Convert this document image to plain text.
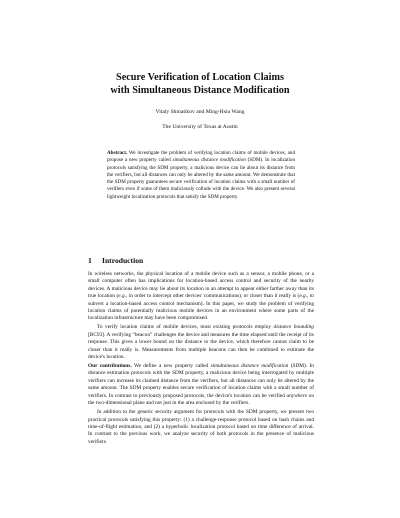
Secure Verification of Location Claims
with Simultaneous Distance Modification
Vitaly Shmatikov and Ming-Hsiu Wang
The University of Texas at Austin
Abstract. We investigate the problem of verifying location claims of mobile devices, and propose a new property called simultaneous distance modification (SDM). In localization protocols satisfying the SDM property, a malicious device can lie about its distance from the verifiers, but all distances can only be altered by the same amount. We demonstrate that the SDM property guarantees secure verification of location claims with a small number of verifiers even if some of them maliciously collude with the device. We also present several lightweight localization protocols that satisfy the SDM property.
1 Introduction

In wireless networks, the physical location of a mobile device such as a sensor, a mobile phone, or a small computer often has implications for location-based access control and security of the nearby devices. A malicious device may lie about its location in an attempt to appear either farther away than its true location (e.g., in order to intercept other devices' communications), or closer than it really is (e.g., to subvert a location-based access control mechanism). In this paper, we study the problem of verifying location claims of potentially malicious mobile devices in an environment where some parts of the localization infrastructure may have been compromised.

To verify location claims of mobile devices, most existing protocols employ distance bounding [BC93]. A verifying “beacon” challenges the device and measures the time elapsed until the receipt of its response. This gives a lower bound on the distance to the device, which therefore cannot claim to be closer than it really is. Measurements from multiple beacons can then be combined to estimate the device's location.

Our contributions. We define a new property called simultaneous distance modification (SDM). In distance estimation protocols with the SDM property, a malicious device being interrogated by multiple verifiers can increase its claimed distance from the verifiers, but all distances can only be altered by the same amount. The SDM property enables secure verification of location claims with a small number of verifiers. In contrast to previously proposed protocols, the device's location can be verified anywhere on the two-dimensional plane and not just in the area enclosed by the verifiers.

In addition to the generic security argument for protocols with the SDM property, we present two practical protocols satisfying this property: (1) a challenge-response protocol based on hash chains and time-of-flight estimation, and (2) a hyperbolic localization protocol based on time difference of arrival. In contrast to the previous work, we analyze security of both protocols in the presence of malicious verifiers.
